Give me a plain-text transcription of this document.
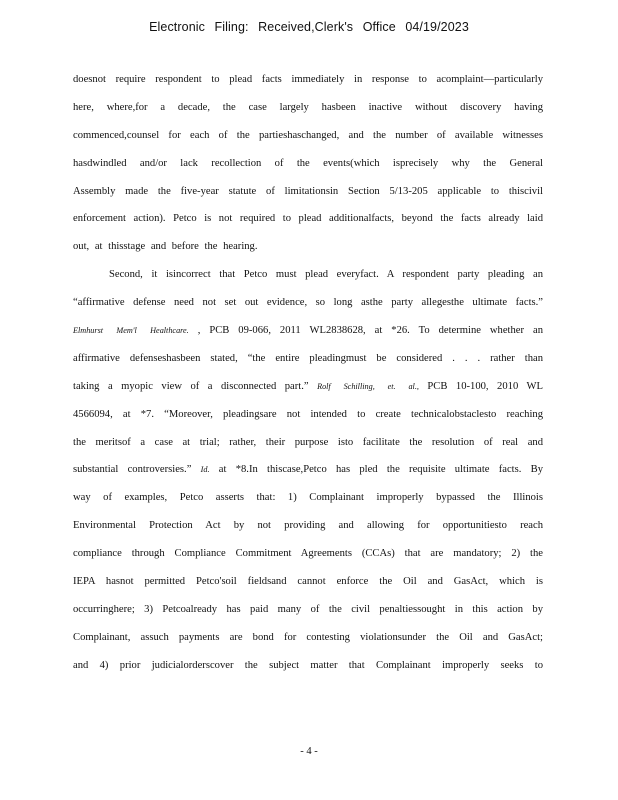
Electronic Filing: Received,Clerk's Office 04/19/2023
doesnot require respondent to plead facts immediately in response to acomplaint—particularly
here, where,for a decade, the case largely hasbeen inactive without discovery having
commenced,counsel for each of the partieshaschanged, and the number of available witnesses
hasdwindled and/or lack recollection of the events(which isprecisely why the General
Assembly made the five-year statute of limitationsin Section 5/13-205 applicable to thiscivil
enforcement action). Petco is not required to plead additionalfacts, beyond the facts already laid
out, at thisstage and before the hearing.
Second, it isincorrect that Petco must plead everyfact. A respondent party pleading an
“affirmative defense need not set out evidence, so long asthe party allegesthe ultimate facts.”
Elmhurst Mem'l Healthcare. , PCB 09-066, 2011 WL2838628, at *26. To determine whether an
affirmative defenseshasbeen stated, “the entire pleadingmust be considered . . . rather than
taking a myopic view of a disconnected part.” Rolf Schilling, et. al., PCB 10-100, 2010 WL
4566094, at *7. “Moreover, pleadingsare not intended to create technicalobstaclesto reaching
the meritsof a case at trial; rather, their purpose isto facilitate the resolution of real and
substantial controversies.” Id. at *8.In thiscase,Petco has pled the requisite ultimate facts. By
way of examples, Petco asserts that: 1) Complainant improperly bypassed the Illinois
Environmental Protection Act by not providing and allowing for opportunitiesto reach
compliance through Compliance Commitment Agreements (CCAs) that are mandatory; 2) the
IEPA hasnot permitted Petco'soil fieldsand cannot enforce the Oil and GasAct, which is
occurringhere; 3) Petcoalready has paid many of the civil penaltiessought in this action by
Complainant, assuch payments are bond for contesting violationsunder the Oil and GasAct;
and 4) prior judicialorderscover the subject matter that Complainant improperly seeks to
- 4 -
